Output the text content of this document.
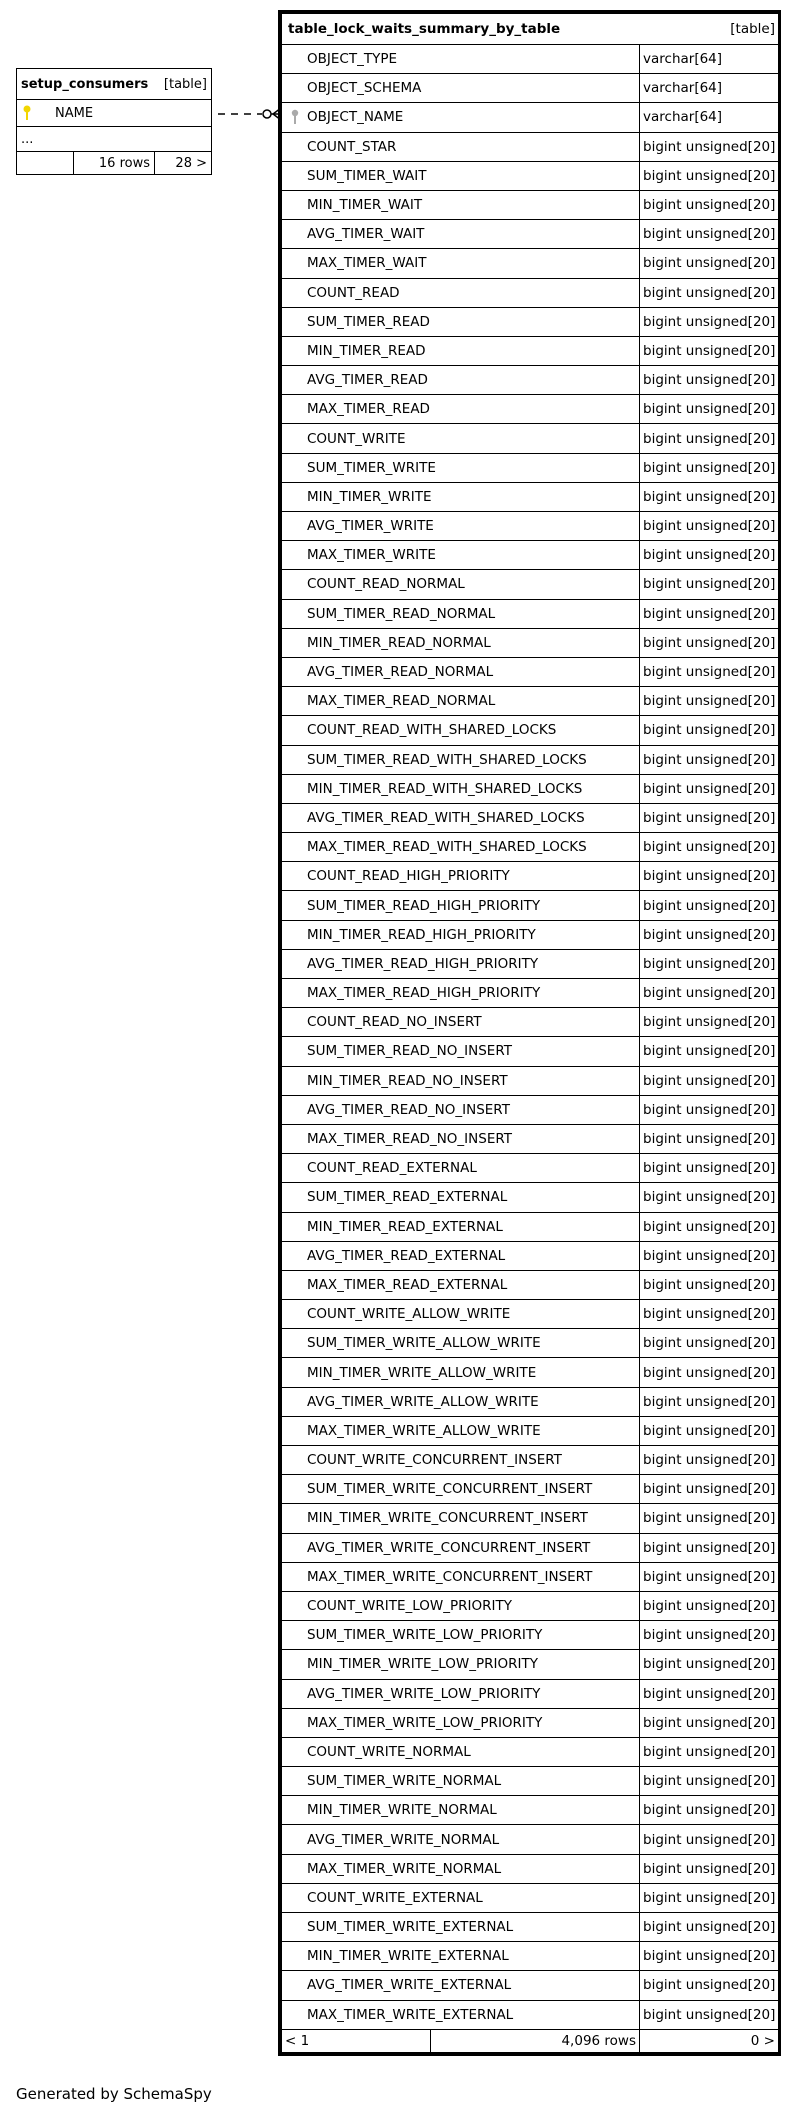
setup_consumers		[table]

NAME		
...		
	16 rows	28 >
table_lock_waits_summary_by_table	[table]
OBJECT_TYPE	varchar[64]
OBJECT_SCHEMA	varchar[64]

OBJECT_NAME	varchar[64]
COUNT_STAR	bigint unsigned[20]
SUM_TIMER_WAIT	bigint unsigned[20]
MIN_TIMER_WAIT	bigint unsigned[20]
AVG_TIMER_WAIT	bigint unsigned[20]
MAX_TIMER_WAIT	bigint unsigned[20]
COUNT_READ	bigint unsigned[20]
SUM_TIMER_READ	bigint unsigned[20]
MIN_TIMER_READ	bigint unsigned[20]
AVG_TIMER_READ	bigint unsigned[20]
MAX_TIMER_READ	bigint unsigned[20]
COUNT_WRITE	bigint unsigned[20]
SUM_TIMER_WRITE	bigint unsigned[20]
MIN_TIMER_WRITE	bigint unsigned[20]
AVG_TIMER_WRITE	bigint unsigned[20]
MAX_TIMER_WRITE	bigint unsigned[20]
COUNT_READ_NORMAL	bigint unsigned[20]
SUM_TIMER_READ_NORMAL	bigint unsigned[20]
MIN_TIMER_READ_NORMAL	bigint unsigned[20]
AVG_TIMER_READ_NORMAL	bigint unsigned[20]
MAX_TIMER_READ_NORMAL	bigint unsigned[20]
COUNT_READ_WITH_SHARED_LOCKS	bigint unsigned[20]
SUM_TIMER_READ_WITH_SHARED_LOCKS	bigint unsigned[20]
MIN_TIMER_READ_WITH_SHARED_LOCKS	bigint unsigned[20]
AVG_TIMER_READ_WITH_SHARED_LOCKS	bigint unsigned[20]
MAX_TIMER_READ_WITH_SHARED_LOCKS	bigint unsigned[20]
COUNT_READ_HIGH_PRIORITY	bigint unsigned[20]
SUM_TIMER_READ_HIGH_PRIORITY	bigint unsigned[20]
MIN_TIMER_READ_HIGH_PRIORITY	bigint unsigned[20]
AVG_TIMER_READ_HIGH_PRIORITY	bigint unsigned[20]
MAX_TIMER_READ_HIGH_PRIORITY	bigint unsigned[20]
COUNT_READ_NO_INSERT	bigint unsigned[20]
SUM_TIMER_READ_NO_INSERT	bigint unsigned[20]
MIN_TIMER_READ_NO_INSERT	bigint unsigned[20]
AVG_TIMER_READ_NO_INSERT	bigint unsigned[20]
MAX_TIMER_READ_NO_INSERT	bigint unsigned[20]
COUNT_READ_EXTERNAL	bigint unsigned[20]
SUM_TIMER_READ_EXTERNAL	bigint unsigned[20]
MIN_TIMER_READ_EXTERNAL	bigint unsigned[20]
AVG_TIMER_READ_EXTERNAL	bigint unsigned[20]
MAX_TIMER_READ_EXTERNAL	bigint unsigned[20]
COUNT_WRITE_ALLOW_WRITE	bigint unsigned[20]
SUM_TIMER_WRITE_ALLOW_WRITE	bigint unsigned[20]
MIN_TIMER_WRITE_ALLOW_WRITE	bigint unsigned[20]
AVG_TIMER_WRITE_ALLOW_WRITE	bigint unsigned[20]
MAX_TIMER_WRITE_ALLOW_WRITE	bigint unsigned[20]
COUNT_WRITE_CONCURRENT_INSERT	bigint unsigned[20]
SUM_TIMER_WRITE_CONCURRENT_INSERT	bigint unsigned[20]
MIN_TIMER_WRITE_CONCURRENT_INSERT	bigint unsigned[20]
AVG_TIMER_WRITE_CONCURRENT_INSERT	bigint unsigned[20]
MAX_TIMER_WRITE_CONCURRENT_INSERT	bigint unsigned[20]
COUNT_WRITE_LOW_PRIORITY	bigint unsigned[20]
SUM_TIMER_WRITE_LOW_PRIORITY	bigint unsigned[20]
MIN_TIMER_WRITE_LOW_PRIORITY	bigint unsigned[20]
AVG_TIMER_WRITE_LOW_PRIORITY	bigint unsigned[20]
MAX_TIMER_WRITE_LOW_PRIORITY	bigint unsigned[20]
COUNT_WRITE_NORMAL	bigint unsigned[20]
SUM_TIMER_WRITE_NORMAL	bigint unsigned[20]
MIN_TIMER_WRITE_NORMAL	bigint unsigned[20]
AVG_TIMER_WRITE_NORMAL	bigint unsigned[20]
MAX_TIMER_WRITE_NORMAL	bigint unsigned[20]
COUNT_WRITE_EXTERNAL	bigint unsigned[20]
SUM_TIMER_WRITE_EXTERNAL	bigint unsigned[20]
MIN_TIMER_WRITE_EXTERNAL	bigint unsigned[20]
AVG_TIMER_WRITE_EXTERNAL	bigint unsigned[20]
MAX_TIMER_WRITE_EXTERNAL	bigint unsigned[20]

< 1 4,096 rows	0 >
Generated by SchemaSpy
